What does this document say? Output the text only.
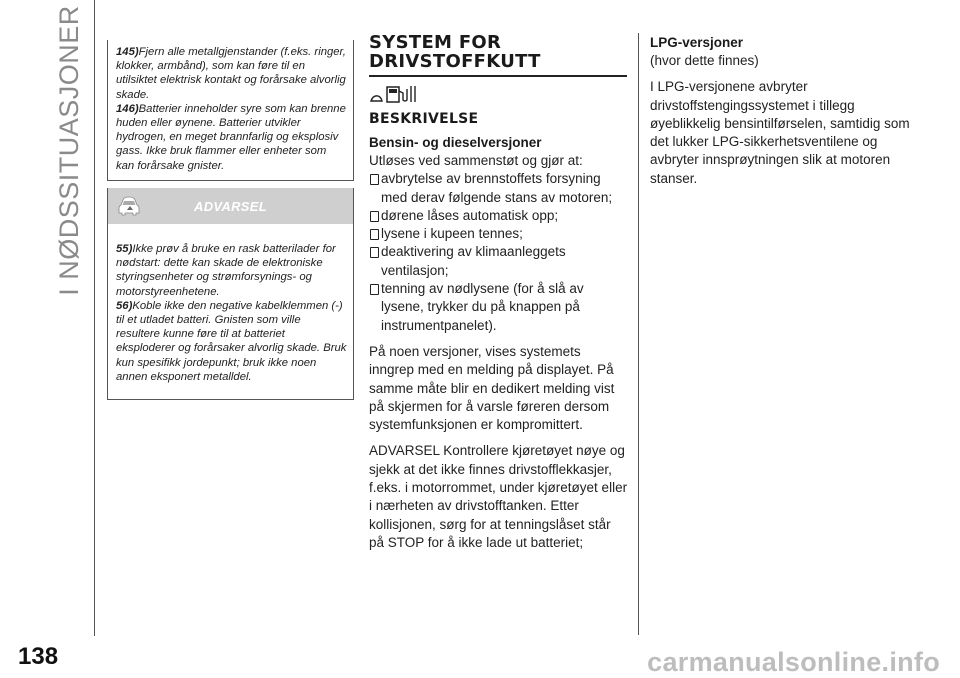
I NØDSSITUASJONER
138	carmanualsonline.info

145)Fjern alle metallgjenstander (f.eks. ringer, klokker, armbånd), som kan føre til en utilsiktet elektrisk kontakt og forårsake alvorlig skade.

146)Batterier inneholder syre som kan brenne huden eller øynene. Batterier utvikler hydrogen, en meget brannfarlig og eksplosiv gass. Ikke bruk flammer eller enheter som kan forårsake gnister.

ADVARSEL

55)Ikke prøv å bruke en rask batterilader for nødstart: dette kan skade de elektroniske styringsenheter og strømforsynings- og motorstyreenhetene.

56)Koble ikke den negative kabelklemmen (-) til et utladet batteri. Gnisten som ville resultere kunne føre til at batteriet eksploderer og forårsaker alvorlig skade. Bruk kun spesifikk jordepunkt; bruk ikke noen annen eksponert metalldel.

SYSTEM FOR
DRIVSTOFFKUTT
BESKRIVELSE
Bensin- og dieselversjoner

Utløses ved sammenstøt og gjør at:

avbrytelse av brennstoffets forsyning med derav følgende stans av motoren;

dørene låses automatisk opp;

lysene i kupeen tennes;

deaktivering av klimaanleggets ventilasjon;

tenning av nødlysene (for å slå av lysene, trykker du på knappen på instrumentpanelet).

På noen versjoner, vises systemets inngrep med en melding på displayet. På samme måte blir en dedikert melding vist på skjermen for å varsle føreren dersom systemfunksjonen er kompromittert.

ADVARSEL Kontrollere kjøretøyet nøye og sjekk at det ikke finnes drivstofflekkasjer, f.eks. i motorrommet, under kjøretøyet eller i nærheten av drivstofftanken. Etter kollisjonen, sørg for at tenningslåset står på STOP for å ikke lade ut batteriet;

LPG-versjoner

(hvor dette finnes)

I LPG-versjonene avbryter drivstoffstengingssystemet i tillegg øyeblikkelig bensintilførselen, samtidig som det lukker LPG-sikkerhetsventilene og avbryter innsprøytningen slik at motoren stanser.
